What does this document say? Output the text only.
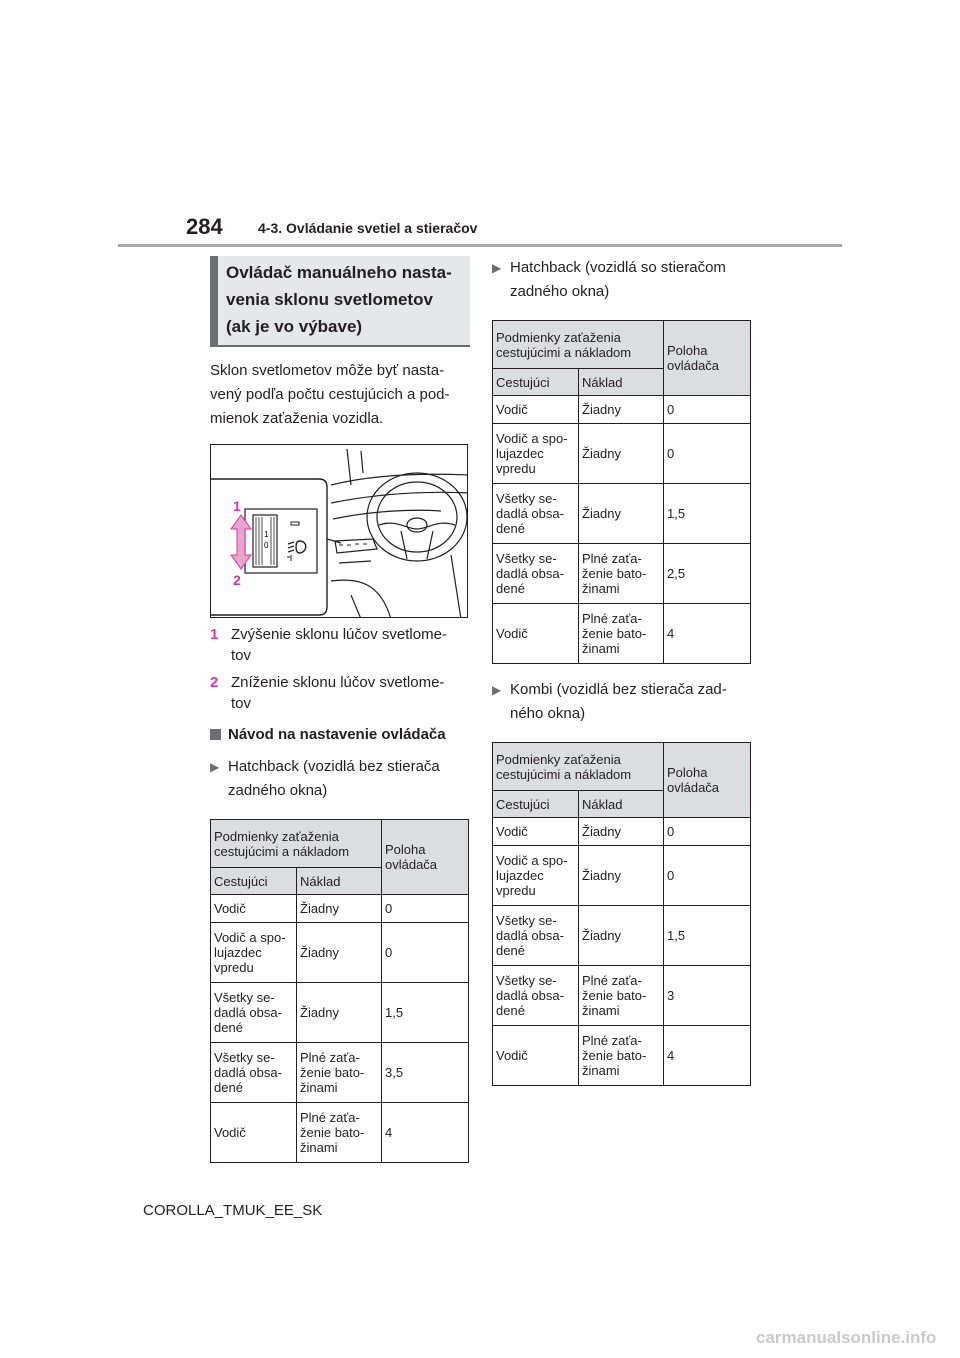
284	4-3. Ovládanie svetiel a stieračov
Ovládač manuálneho nasta-
venia sklonu svetlometov
(ak je vo výbave)

Sklon svetlometov môže byť nasta-
vený podľa počtu cestujúcich a pod-
mienok zaťaženia vozidla.

1
0
1
2
1 Zvýšenie sklonu lúčov svetlome-
tov
2 Zníženie sklonu lúčov svetlome-
tov
Návod na nastavenie ovládača
▶ Hatchback (vozidlá bez stierača
zadného okna)
Podmienky zaťaženia
cestujúcimi a nákladom		Poloha
ovládača
Cestujúci	Náklad	
Vodič	Žiadny	0
Vodič a spo-
lujazdec
vpredu	Žiadny	0
Všetky se-
dadlá obsa-
dené	Žiadny	1,5
Všetky se-
dadlá obsa-
dené	Plné zaťa-
ženie bato-
žinami	3,5
Vodič	Plné zaťa-
ženie bato-
žinami	4
▶ Hatchback (vozidlá so stieračom
zadného okna)
Podmienky zaťaženia
cestujúcimi a nákladom		Poloha
ovládača
Cestujúci	Náklad	
Vodič	Žiadny	0
Vodič a spo-
lujazdec
vpredu	Žiadny	0
Všetky se-
dadlá obsa-
dené	Žiadny	1,5
Všetky se-
dadlá obsa-
dené	Plné zaťa-
ženie bato-
žinami	2,5
Vodič	Plné zaťa-
ženie bato-
žinami	4
▶ Kombi (vozidlá bez stierača zad-
ného okna)
Podmienky zaťaženia
cestujúcimi a nákladom		Poloha
ovládača
Cestujúci	Náklad	
Vodič	Žiadny	0
Vodič a spo-
lujazdec
vpredu	Žiadny	0
Všetky se-
dadlá obsa-
dené	Žiadny	1,5
Všetky se-
dadlá obsa-
dené	Plné zaťa-
ženie bato-
žinami	3
Vodič	Plné zaťa-
ženie bato-
žinami	4
COROLLA_TMUK_EE_SK
carmanualsonline.info
